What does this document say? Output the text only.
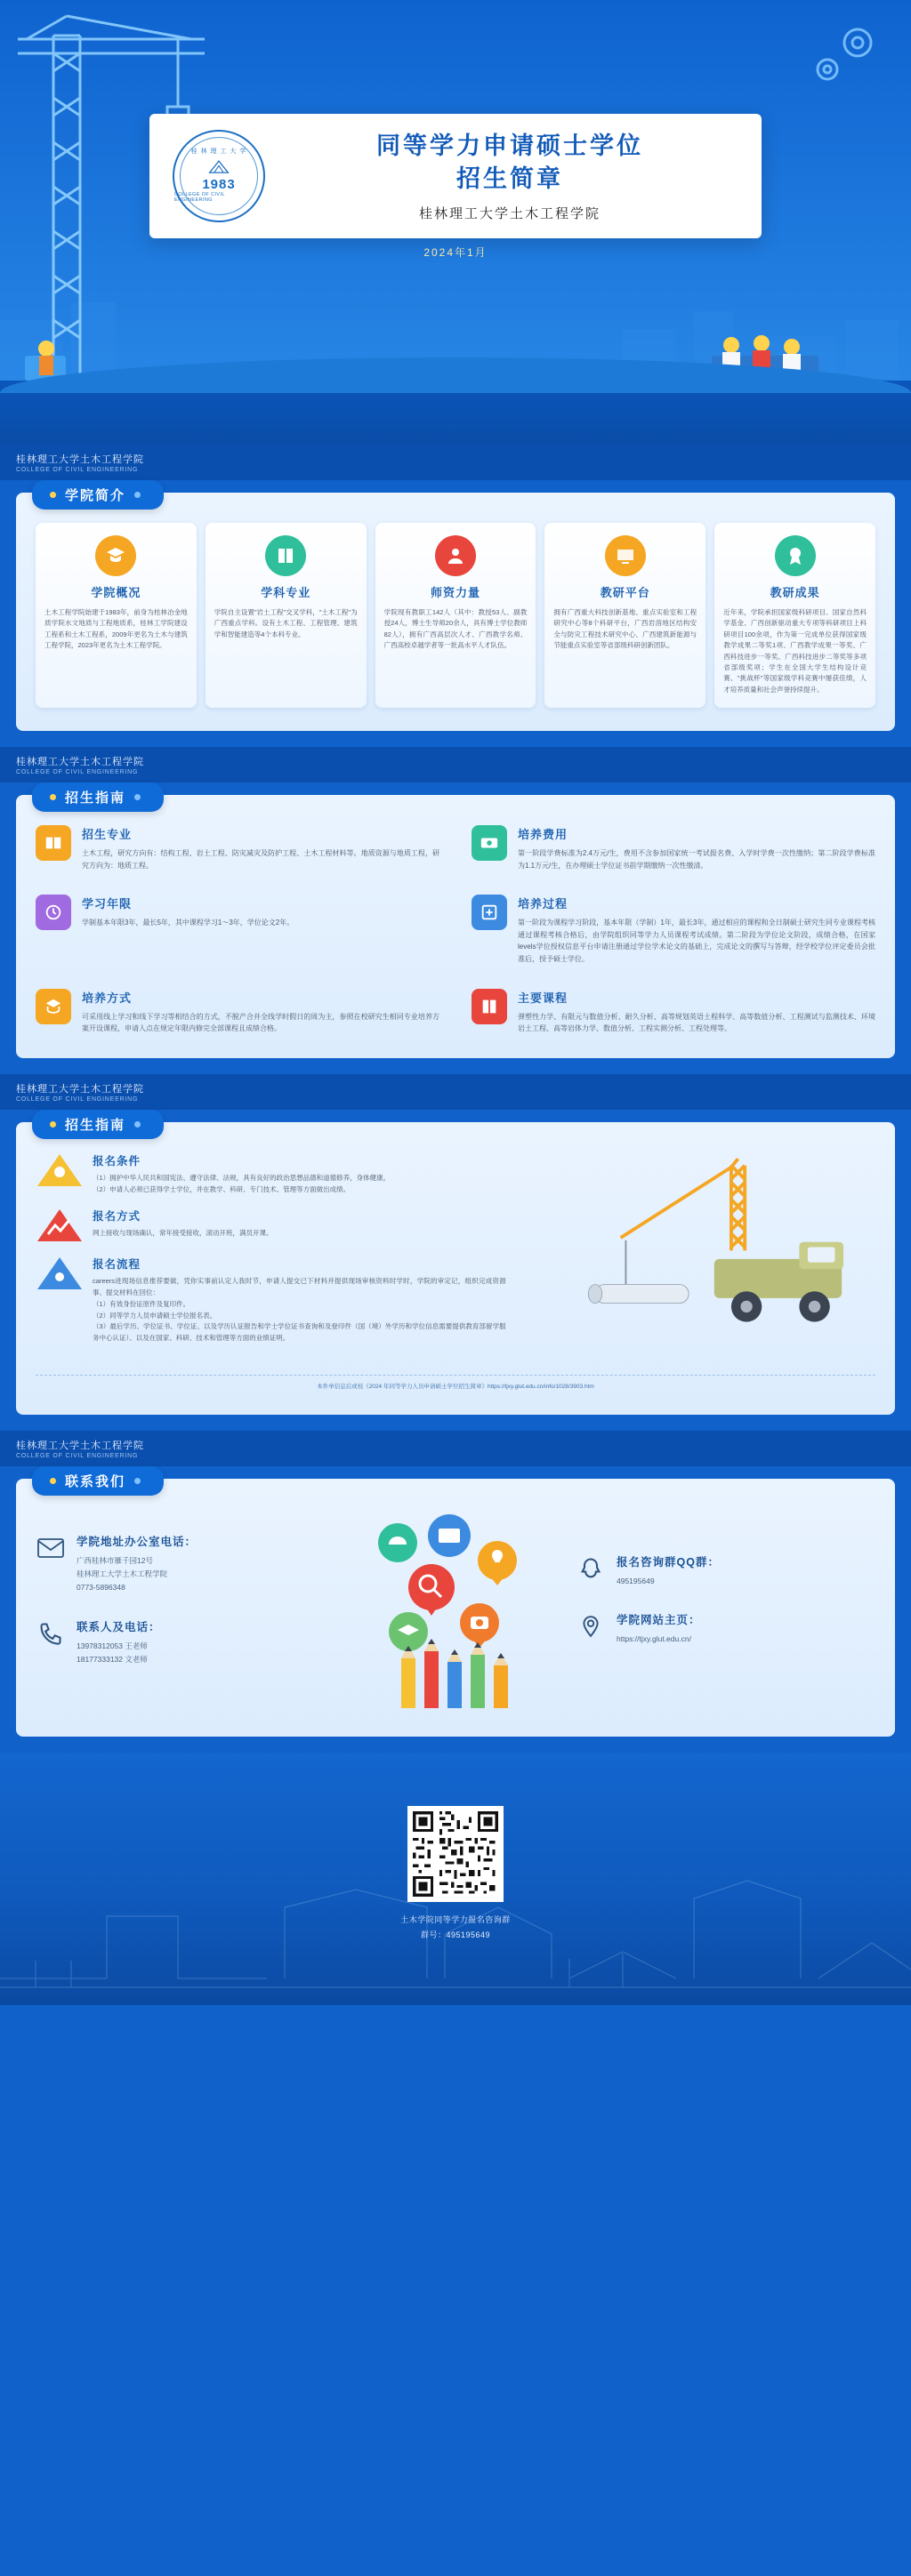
桂 林 理 工 大 学
1983
COLLEGE OF CIVIL ENGINEERING
同等学力申请硕士学位
招生简章
桂林理工大学土木工程学院
2024年1月
桂林理工大学土木工程学院
COLLEGE OF CIVIL ENGINEERING
学院简介
学院概况
土木工程学院始建于1983年，前身为桂林冶金地质学院水文地质与工程地质系，桂林工学院建设工程系和土木工程系，2009年更名为土木与建筑工程学院，2023年更名为土木工程学院。
学科专业
学院自主设置"岩土工程"交叉学科，"土木工程"为广西重点学科。设有土木工程、工程管理、建筑学和智能建造等4个本科专业。
师资力量
学院现有教职工142人（其中：教授53人、副教授24人，博士生导师20余人，具有博士学位教师82人），拥有广西高层次人才、广西教学名师、广西高校卓越学者等一批高水平人才队伍。
教研平台
拥有广西重大科技创新基地、重点实验室和工程研究中心等8个科研平台，广西岩溶地区结构安全与防灾工程技术研究中心、广西建筑新能源与节能重点实验室等省部级科研创新团队。
教研成果
近年来，学院承担国家级科研项目、国家自然科学基金、广西创新驱动重大专项等科研项目上科研项目100余项，作为第一完成单位获得国家级教学成果二等奖1项、广西教学成果一等奖、广西科技进步一等奖、广西科技进步二等奖等多项省部级奖项；学生在全国大学生结构设计竞赛、"挑战杯"等国家级学科竞赛中屡获佳绩，人才培养质量和社会声誉持续提升。
桂林理工大学土木工程学院
COLLEGE OF CIVIL ENGINEERING
招生指南
招生专业
土木工程，研究方向有：结构工程、岩土工程、防灾减灾及防护工程、土木工程材料等。地质资源与地质工程，研究方向为：地质工程。
培养费用
第一阶段学费标准为2.4万元/生，费用不含参加国家统一考试报名费、入学时学费一次性缴纳；第二阶段学费标准为1.1万元/生，在办理硕士学位证书前学期缴纳一次性缴清。
学习年限
学制基本年限3年，最长5年，其中课程学习1～3年，学位论文2年。
培养过程
第一阶段为课程学习阶段，基本年限（学制）1年，最长3年，通过相应的课程和全日制硕士研究生同专业课程考核通过课程考核合格后，由学院组织同等学力人员课程考试成绩。第二阶段为学位论文阶段，成绩合格，在国家levels学位授权信息平台申请注册通过学位学术论文的基础上，完成论文的撰写与答辩，经学校学位评定委员会批准后，授予硕士学位。
培养方式
可采用线上学习和线下学习等相结合的方式，不脱产合并全线学时假日的周为主，参照在校研究生相同专业培养方案开设课程，申请人点在规定年限内修完全部课程且成绩合格。
主要课程
弹塑性力学、有限元与数值分析、耐久分析、高等规划英语土程科学、高等数值分析、工程测试与监测技术、环境岩土工程、高等岩体力学、数值分析、工程实测分析、工程处理等。
桂林理工大学土木工程学院
COLLEGE OF CIVIL ENGINEERING
招生指南
报名条件
（1）拥护中华人民共和国宪法、遵守法律、法规，具有良好的政治思想品德和道德修养，身体健康。
（2）申请人必须已获得学士学位，并在教学、科研、专门技术、管理等方面做出成绩。
报名方式
网上接收与现场确认，常年接受接收，滚动开班，满员开课。
报名流程
careers进现场信息推荐要做，凭你实事前认定人我时节，申请人提交已下材料并提供现场审核资料时学时，学院的审定记，组织完成资源事、提交材料在回位：
（1）有效身份证原件及复印件。
（2）同等学力人员申请硕士学位报名表。
（3）最后学历、学位证书、学位证、以及学历认证报告和学士学位证书查询和及登印件（国（境）外学历和学位信息需要提供教育部留学服务中心认证）、以及在国家、科研、技术和管理等方面的业绩证明。
本件单信息后或校《2024 年同等学力人员申请硕士学位招生简章》https://tjxy.glut.edu.cn/info/1028/3903.htm
桂林理工大学土木工程学院
COLLEGE OF CIVIL ENGINEERING
联系我们
学院地址办公室电话：
广西桂林市雁千园12号
桂林理工大学土木工程学院
0773-5896348
联系人及电话：
13978312053 王老师
18177333132 文老师
报名咨询群QQ群：
495195649
学院网站主页：
https://tjxy.glut.edu.cn/
土木学院同等学力报名咨询群
群号：495195649
